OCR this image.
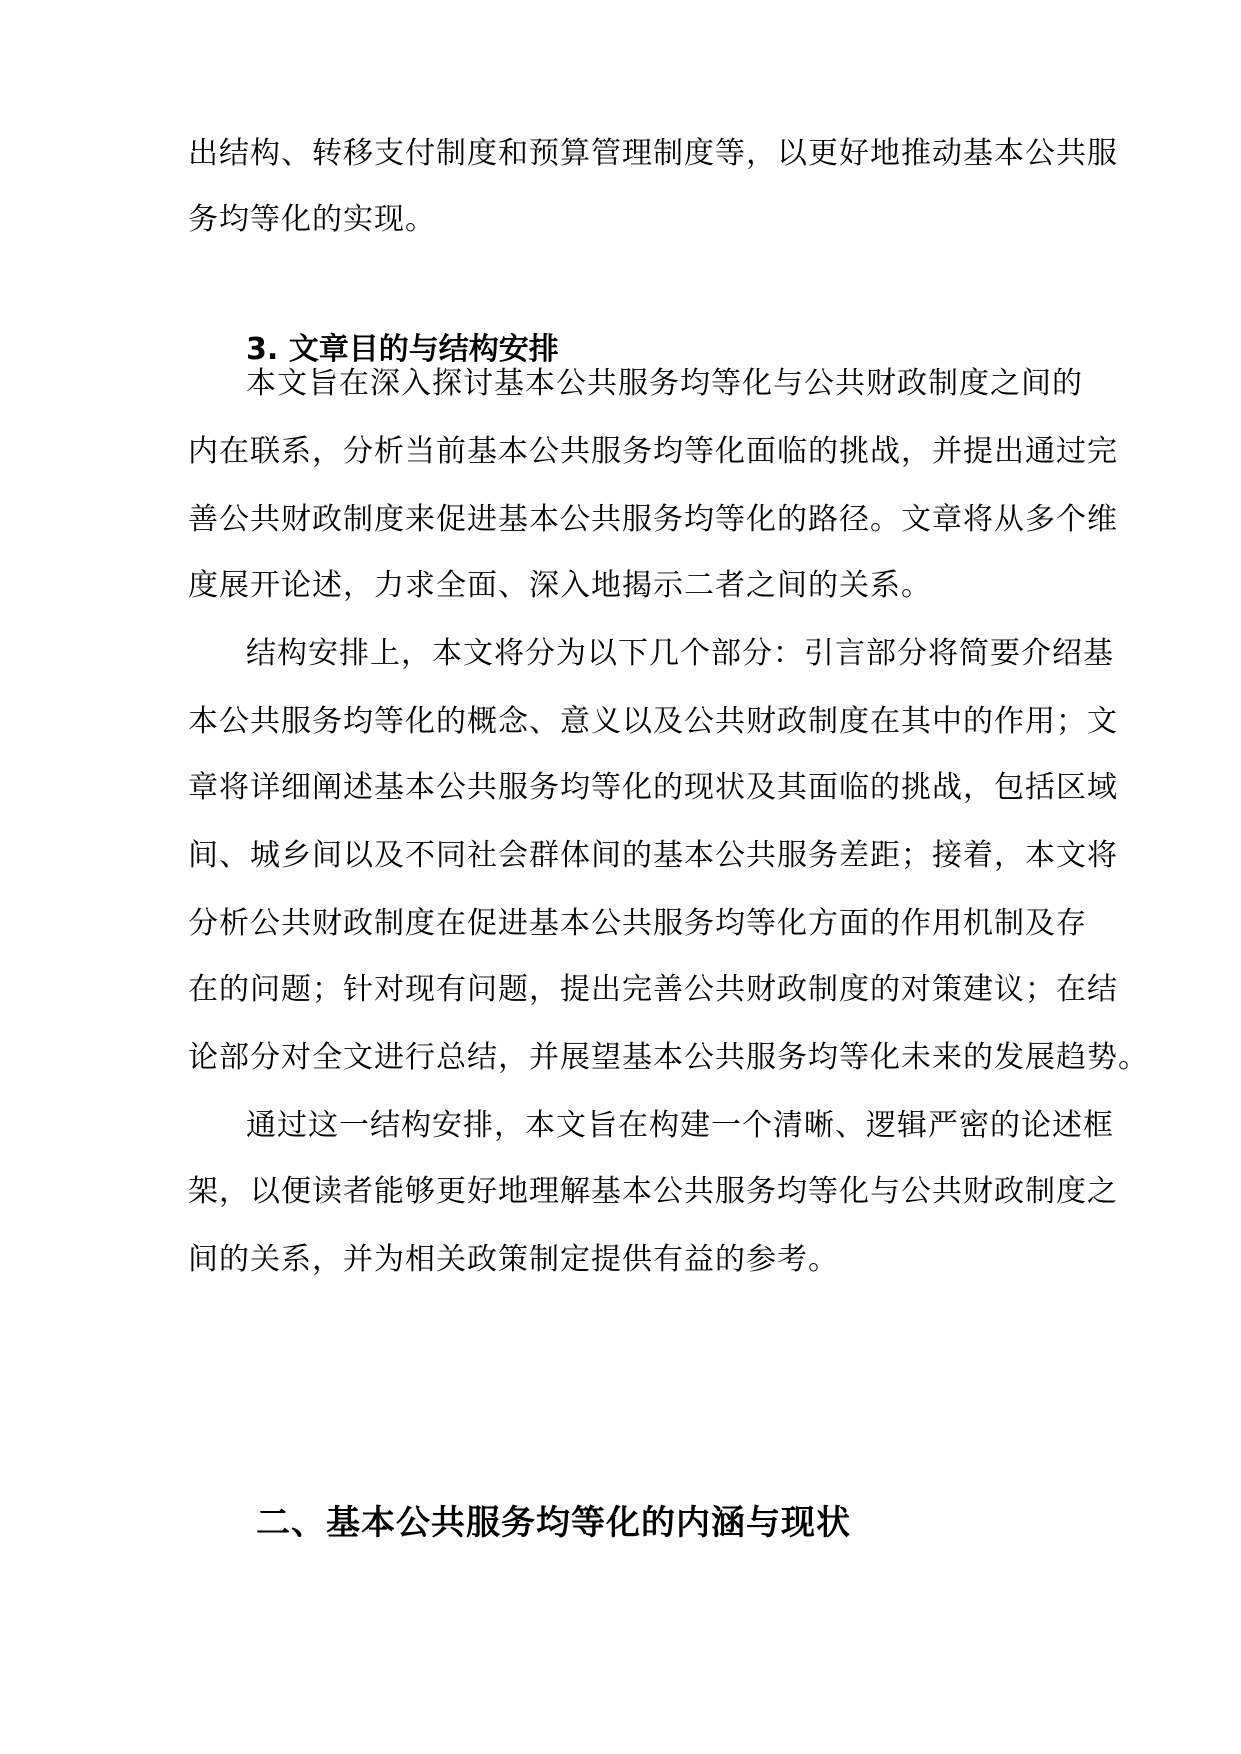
出结构、转移支付制度和预算管理制度等，以更好地推动基本公共服
务均等化的实现。
3. 文章目的与结构安排
本文旨在深入探讨基本公共服务均等化与公共财政制度之间的
内在联系，分析当前基本公共服务均等化面临的挑战，并提出通过完
善公共财政制度来促进基本公共服务均等化的路径。文章将从多个维
度展开论述，力求全面、深入地揭示二者之间的关系。
结构安排上，本文将分为以下几个部分：引言部分将简要介绍基
本公共服务均等化的概念、意义以及公共财政制度在其中的作用；文
章将详细阐述基本公共服务均等化的现状及其面临的挑战，包括区域
间、城乡间以及不同社会群体间的基本公共服务差距；接着，本文将
分析公共财政制度在促进基本公共服务均等化方面的作用机制及存
在的问题；针对现有问题，提出完善公共财政制度的对策建议；在结
论部分对全文进行总结，并展望基本公共服务均等化未来的发展趋势。
通过这一结构安排，本文旨在构建一个清晰、逻辑严密的论述框
架，以便读者能够更好地理解基本公共服务均等化与公共财政制度之
间的关系，并为相关政策制定提供有益的参考。
二、基本公共服务均等化的内涵与现状
